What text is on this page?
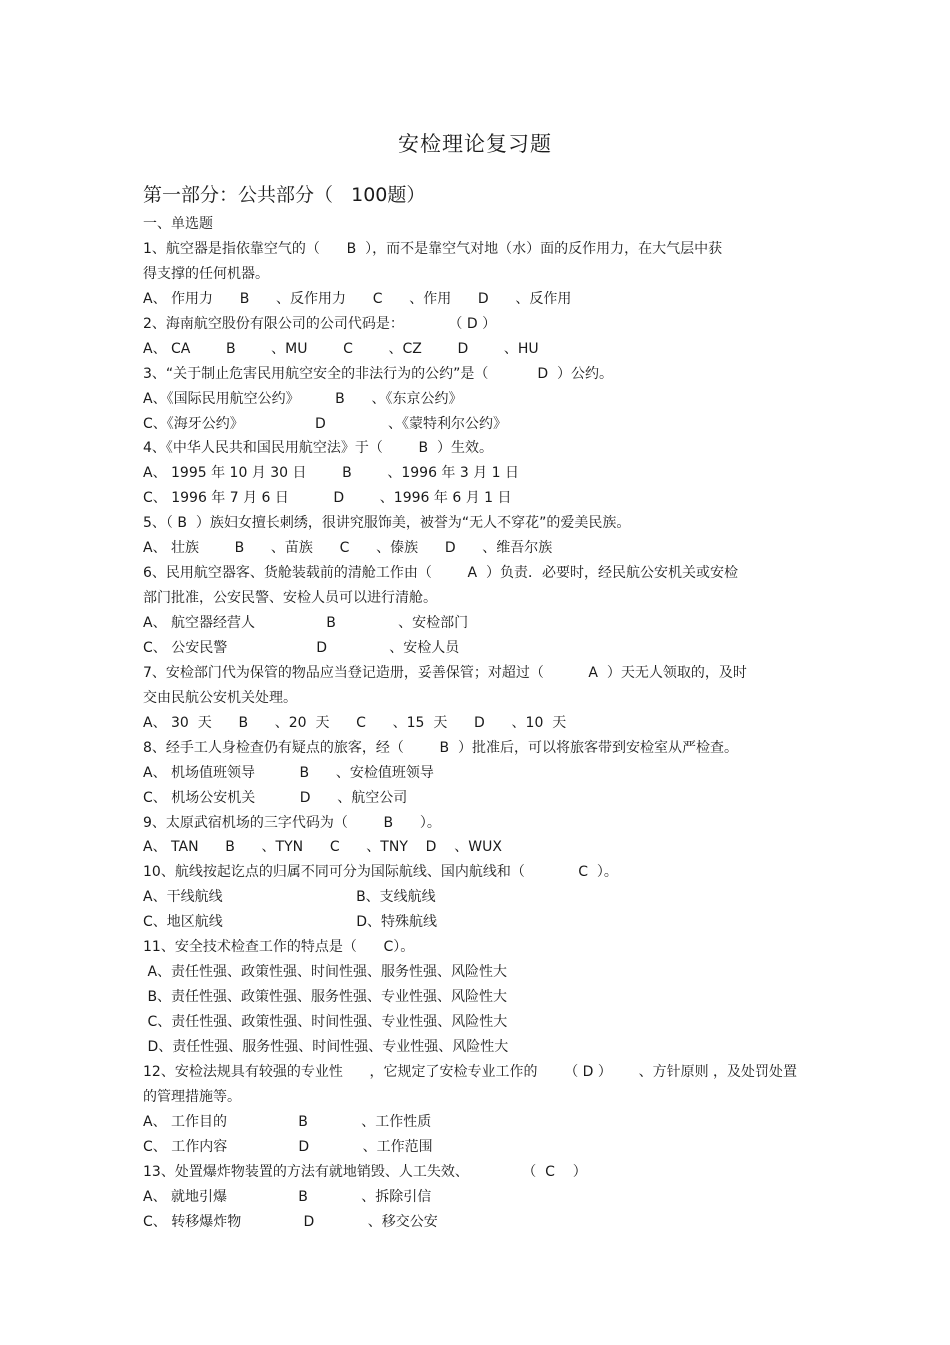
安检理论复习题
第一部分：公共部分（   100题）
一、单选题
1、航空器是指依靠空气的（      B  ），而不是靠空气对地（水）面的反作用力，在大气层中获
得支撑的任何机器。
A、 作用力      B      、反作用力      C      、作用      D      、反作用
2、海南航空股份有限公司的公司代码是：          （ D ）
A、 CA        B        、MU        C        、CZ        D        、HU
3、“关于制止危害民用航空安全的非法行为的公约”是（           D  ）公约。
A、《国际民用航空公约》        B      、《东京公约》
C、《海牙公约》                D              、《蒙特利尔公约》
4、《中华人民共和国民用航空法》于（        B  ）生效。
A、 1995 年 10 月 30 日        B        、1996 年 3 月 1 日
C、 1996 年 7 月 6 日          D        、1996 年 6 月 1 日
5、（ B  ）族妇女擅长刺绣，很讲究服饰美，被誉为“无人不穿花”的爱美民族。
A、 壮族        B      、苗族      C      、傣族      D      、维吾尔族
6、民用航空器客、货舱装载前的清舱工作由（        A  ）负责．必要时，经民航公安机关或安检
部门批准，公安民警、安检人员可以进行清舱。
A、 航空器经营人                B              、安检部门
C、 公安民警                    D              、安检人员
7、安检部门代为保管的物品应当登记造册，妥善保管；对超过（          A  ）天无人领取的，及时
交由民航公安机关处理。
A、 30  天      B      、20  天      C      、15  天      D      、10  天
8、经手工人身检查仍有疑点的旅客，经（        B  ）批准后，可以将旅客带到安检室从严检查。
A、 机场值班领导          B      、安检值班领导
C、 机场公安机关          D      、航空公司
9、太原武宿机场的三字代码为（        B      ）。
A、 TAN      B      、TYN      C      、TNY    D    、WUX
10、航线按起讫点的归属不同可分为国际航线、国内航线和（            C  ）。
A、干线航线                              B、支线航线
C、地区航线                              D、特殊航线
11、安全技术检查工作的特点是（      C）。
A、责任性强、政策性强、时间性强、服务性强、风险性大
B、责任性强、政策性强、服务性强、专业性强、风险性大
C、责任性强、政策性强、时间性强、专业性强、风险性大
D、责任性强、服务性强、时间性强、专业性强、风险性大
12、安检法规具有较强的专业性      ，它规定了安检专业工作的      （ D ）      、方针原则 ，及处罚处置
的管理措施等。
A、 工作目的                B            、工作性质
C、 工作内容                D            、工作范围
13、处置爆炸物装置的方法有就地销毁、人工失效、            （  C    ）
A、 就地引爆                B            、拆除引信
C、 转移爆炸物              D            、移交公安
